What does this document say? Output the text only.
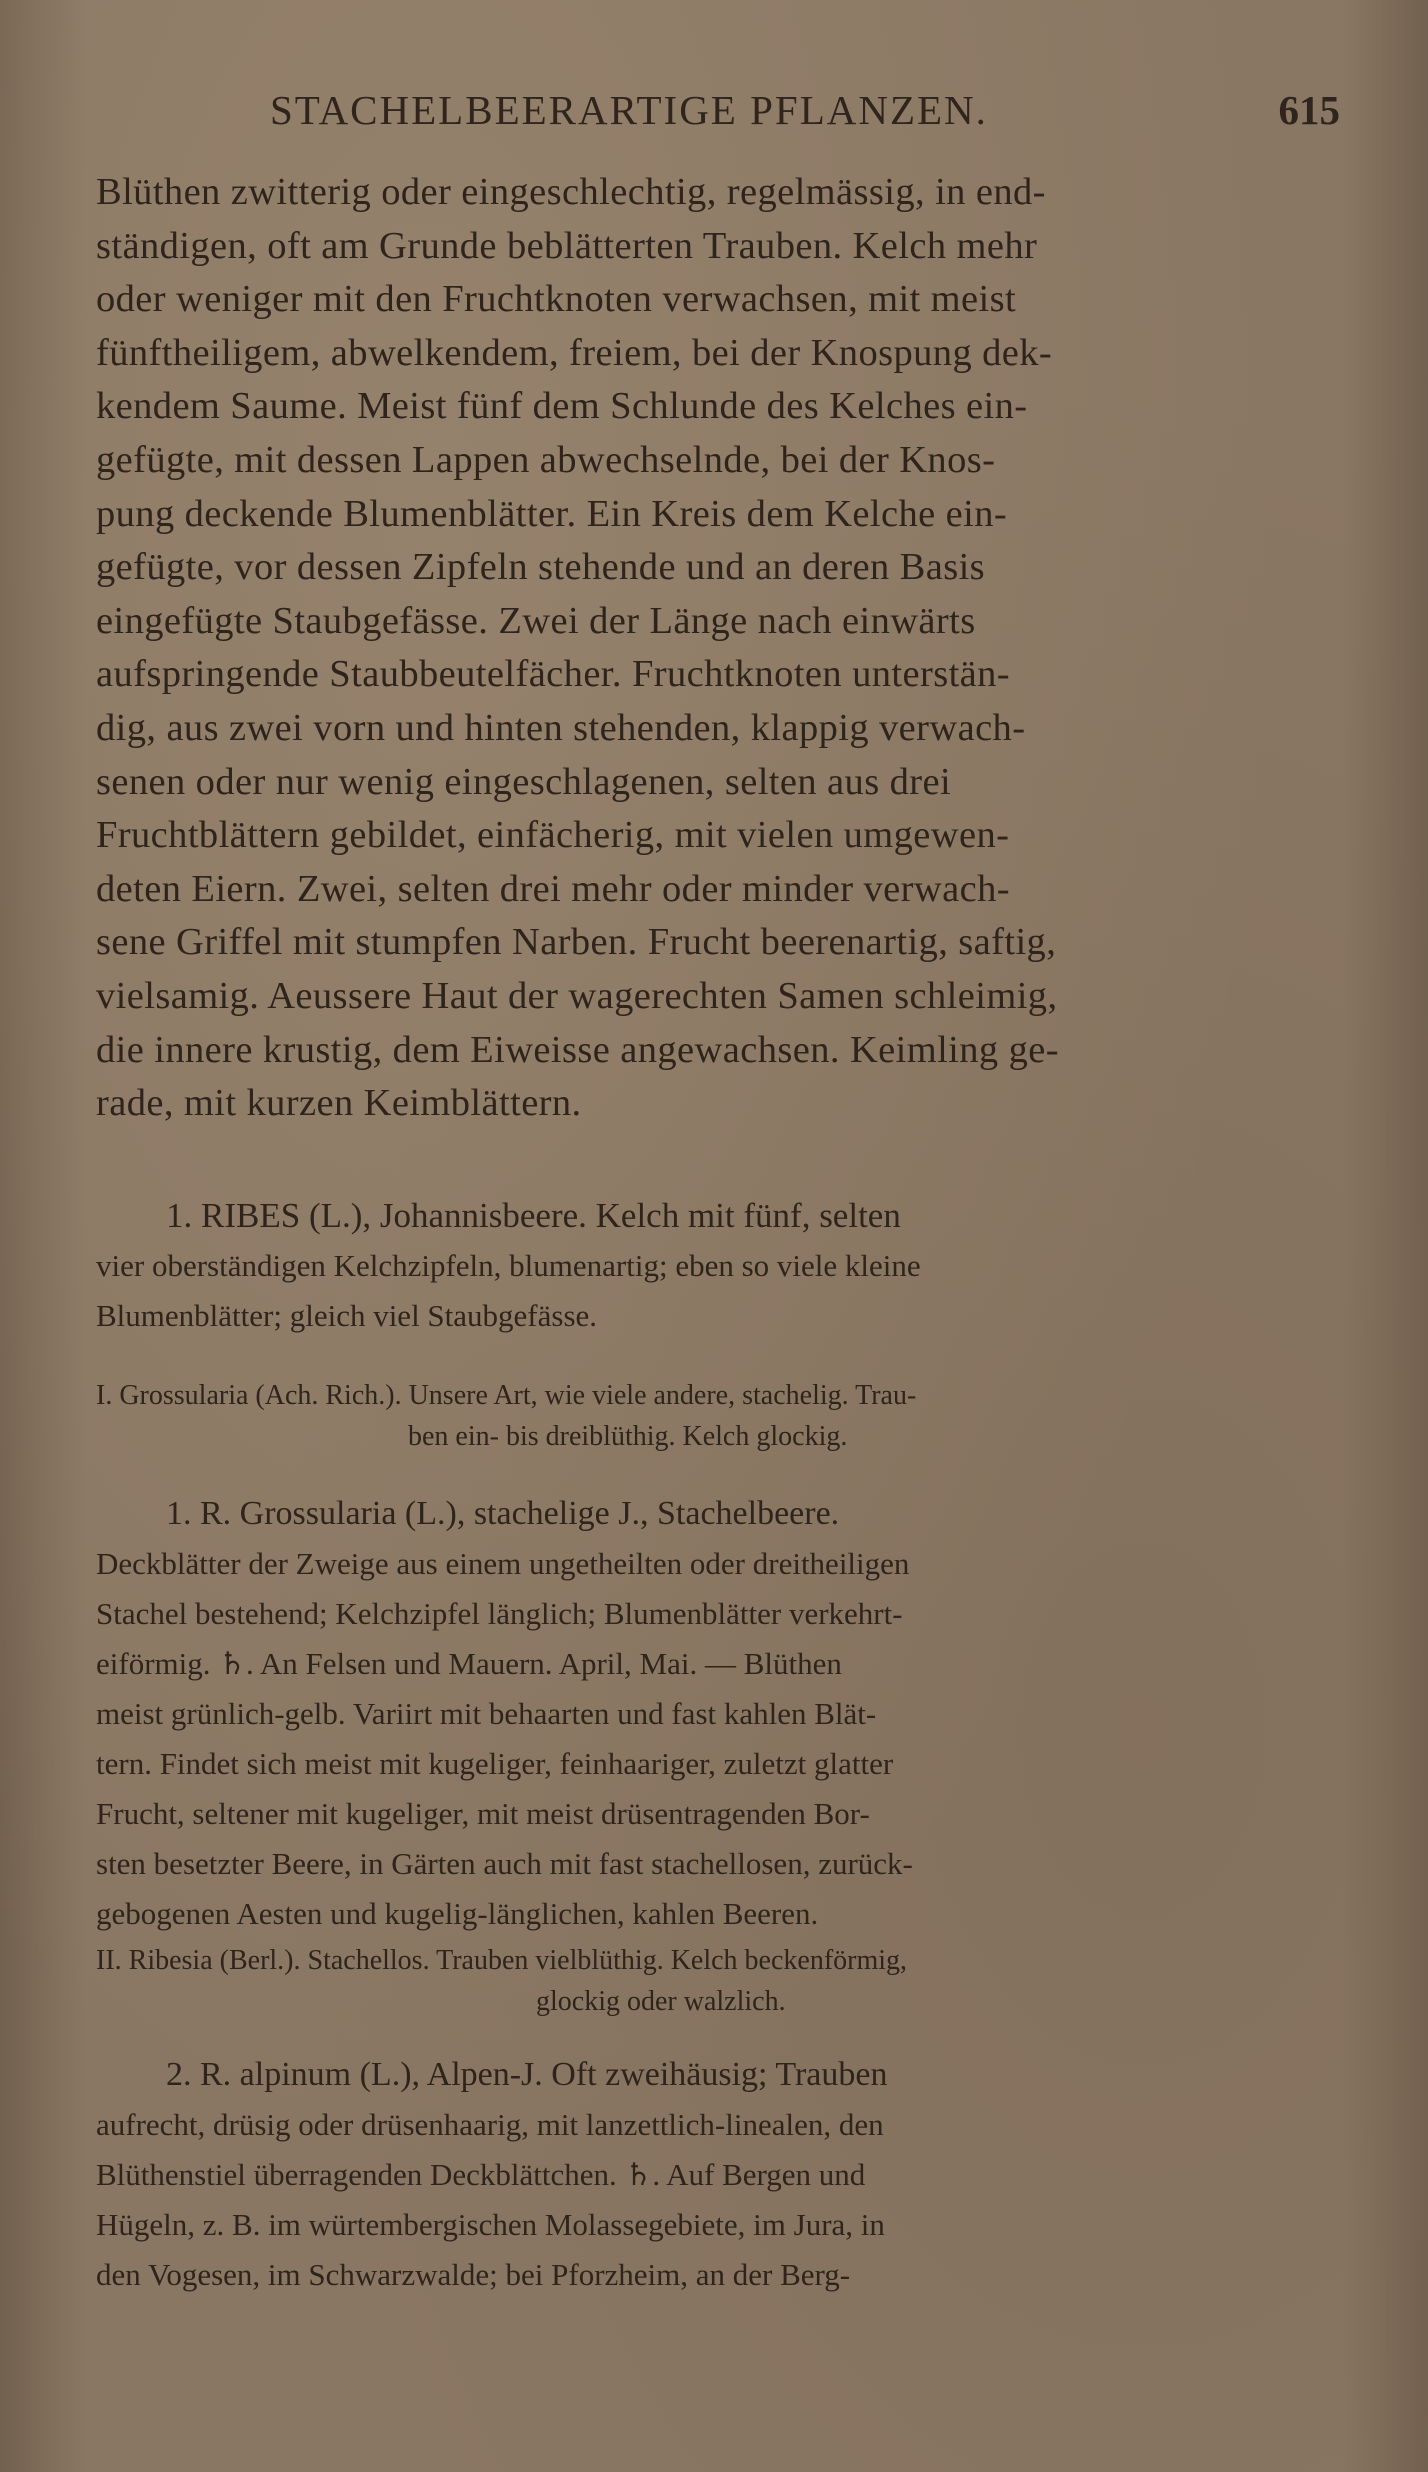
STACHELBEERARTIGE PFLANZEN.	615
Blüthen zwitterig oder eingeschlechtig, regelmässig, in end-
ständigen, oft am Grunde beblätterten Trauben. Kelch mehr
oder weniger mit den Fruchtknoten verwachsen, mit meist
fünftheiligem, abwelkendem, freiem, bei der Knospung dek-
kendem Saume. Meist fünf dem Schlunde des Kelches ein-
gefügte, mit dessen Lappen abwechselnde, bei der Knos-
pung deckende Blumenblätter. Ein Kreis dem Kelche ein-
gefügte, vor dessen Zipfeln stehende und an deren Basis
eingefügte Staubgefässe. Zwei der Länge nach einwärts
aufspringende Staubbeutelfächer. Fruchtknoten unterstän-
dig, aus zwei vorn und hinten stehenden, klappig verwach-
senen oder nur wenig eingeschlagenen, selten aus drei
Fruchtblättern gebildet, einfächerig, mit vielen umgewen-
deten Eiern. Zwei, selten drei mehr oder minder verwach-
sene Griffel mit stumpfen Narben. Frucht beerenartig, saftig,
vielsamig. Aeussere Haut der wagerechten Samen schleimig,
die innere krustig, dem Eiweisse angewachsen. Keimling ge-
rade, mit kurzen Keimblättern.
1. RIBES (L.), Johannisbeere. Kelch mit fünf, selten
vier oberständigen Kelchzipfeln, blumenartig; eben so viele kleine
Blumenblätter; gleich viel Staubgefässe.
I. Grossularia (Ach. Rich.). Unsere Art, wie viele andere, stachelig. Trau-
ben ein- bis dreiblüthig. Kelch glockig.
1. R. Grossularia (L.), stachelige J., Stachelbeere.
Deckblätter der Zweige aus einem ungetheilten oder dreitheiligen
Stachel bestehend; Kelchzipfel länglich; Blumenblätter verkehrt-
eiförmig. ♄. An Felsen und Mauern. April, Mai. — Blüthen
meist grünlich-gelb. Variirt mit behaarten und fast kahlen Blät-
tern. Findet sich meist mit kugeliger, feinhaariger, zuletzt glatter
Frucht, seltener mit kugeliger, mit meist drüsentragenden Bor-
sten besetzter Beere, in Gärten auch mit fast stachellosen, zurück-
gebogenen Aesten und kugelig-länglichen, kahlen Beeren.
II. Ribesia (Berl.). Stachellos. Trauben vielblüthig. Kelch beckenförmig,
glockig oder walzlich.
2. R. alpinum (L.), Alpen-J. Oft zweihäusig; Trauben
aufrecht, drüsig oder drüsenhaarig, mit lanzettlich-linealen, den
Blüthenstiel überragenden Deckblättchen. ♄. Auf Bergen und
Hügeln, z. B. im würtembergischen Molassegebiete, im Jura, in
den Vogesen, im Schwarzwalde; bei Pforzheim, an der Berg-
